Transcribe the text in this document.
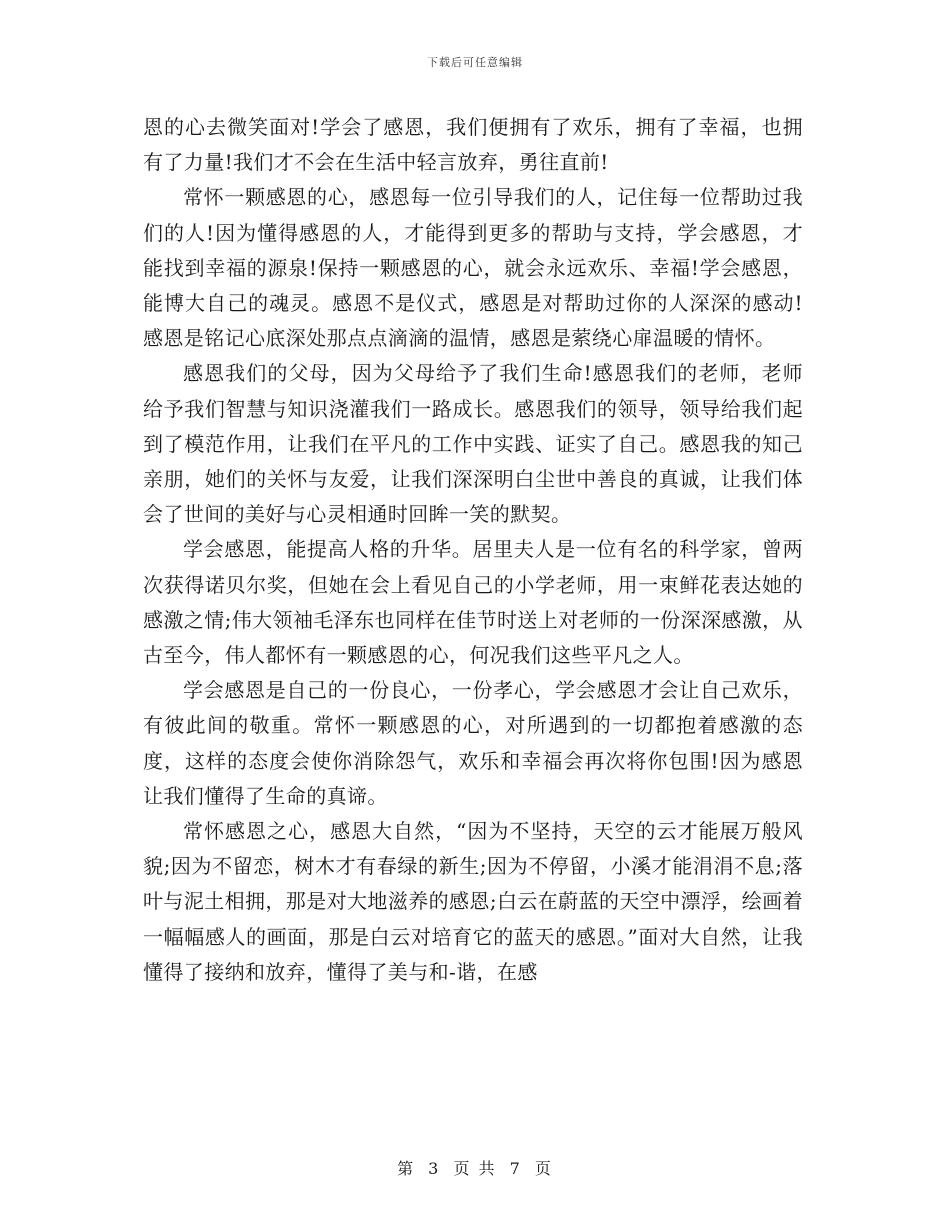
下载后可任意编辑

恩的心去微笑面对!学会了感恩，我们便拥有了欢乐，拥有了幸福，也拥有了力量!我们才不会在生活中轻言放弃，勇往直前!

常怀一颗感恩的心，感恩每一位引导我们的人，记住每一位帮助过我们的人!因为懂得感恩的人，才能得到更多的帮助与支持，学会感恩，才能找到幸福的源泉!保持一颗感恩的心，就会永远欢乐、幸福!学会感恩，能博大自己的魂灵。感恩不是仪式，感恩是对帮助过你的人深深的感动!感恩是铭记心底深处那点点滴滴的温情，感恩是萦绕心扉温暖的情怀。

感恩我们的父母，因为父母给予了我们生命!感恩我们的老师，老师给予我们智慧与知识浇灌我们一路成长。感恩我们的领导，领导给我们起到了模范作用，让我们在平凡的工作中实践、证实了自己。感恩我的知己亲朋，她们的关怀与友爱，让我们深深明白尘世中善良的真诚，让我们体会了世间的美好与心灵相通时回眸一笑的默契。

学会感恩，能提高人格的升华。居里夫人是一位有名的科学家，曾两次获得诺贝尔奖，但她在会上看见自己的小学老师，用一束鲜花表达她的感激之情;伟大领袖毛泽东也同样在佳节时送上对老师的一份深深感激，从古至今，伟人都怀有一颗感恩的心，何况我们这些平凡之人。

学会感恩是自己的一份良心，一份孝心，学会感恩才会让自己欢乐，有彼此间的敬重。常怀一颗感恩的心，对所遇到的一切都抱着感激的态度，这样的态度会使你消除怨气，欢乐和幸福会再次将你包围!因为感恩让我们懂得了生命的真谛。

常怀感恩之心，感恩大自然，“因为不坚持，天空的云才能展万般风貌;因为不留恋，树木才有春绿的新生;因为不停留，小溪才能涓涓不息;落叶与泥土相拥，那是对大地滋养的感恩;白云在蔚蓝的天空中漂浮，绘画着一幅幅感人的画面，那是白云对培育它的蓝天的感恩。”面对大自然，让我懂得了接纳和放弃，懂得了美与和-谐，在感

第 3 页 共 7 页
